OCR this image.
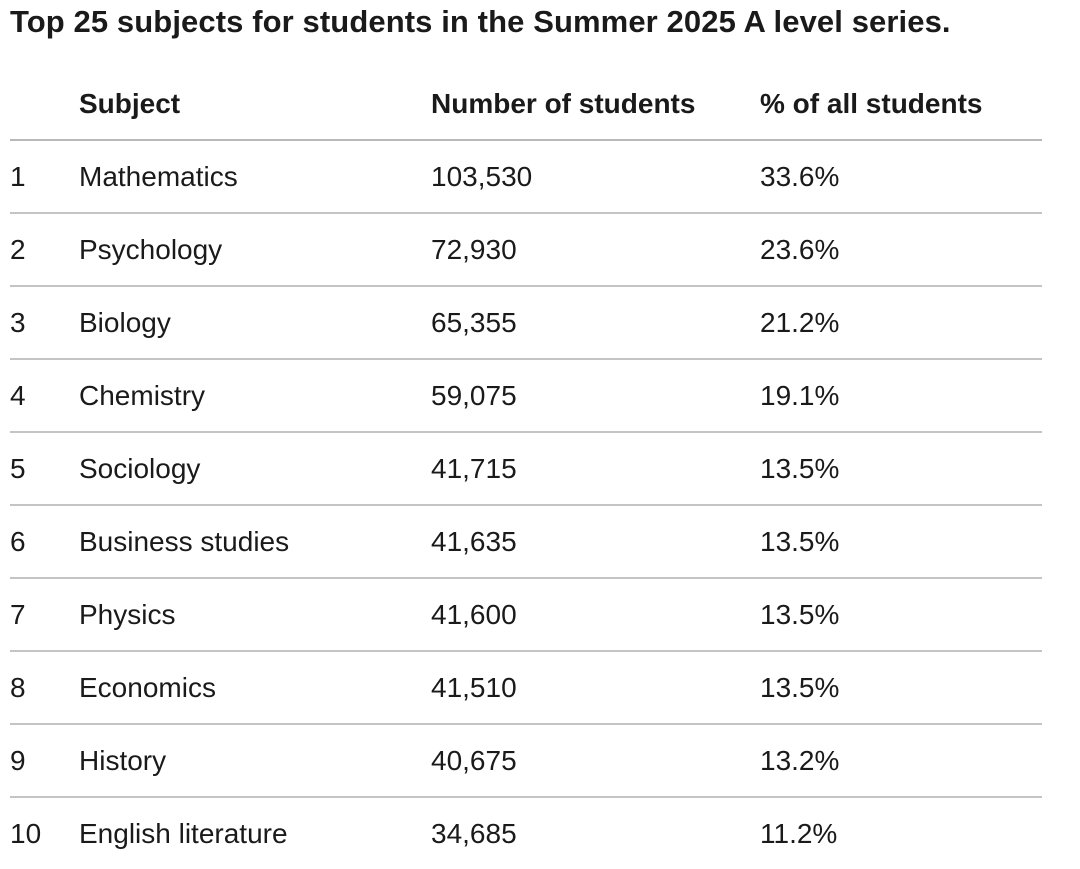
Top 25 subjects for students in the Summer 2025 A level series.
	Subject	Number of students	% of all students
1	Mathematics	103,530	33.6%
2	Psychology	72,930	23.6%
3	Biology	65,355	21.2%
4	Chemistry	59,075	19.1%
5	Sociology	41,715	13.5%
6	Business studies	41,635	13.5%
7	Physics	41,600	13.5%
8	Economics	41,510	13.5%
9	History	40,675	13.2%
10	English literature	34,685	11.2%
